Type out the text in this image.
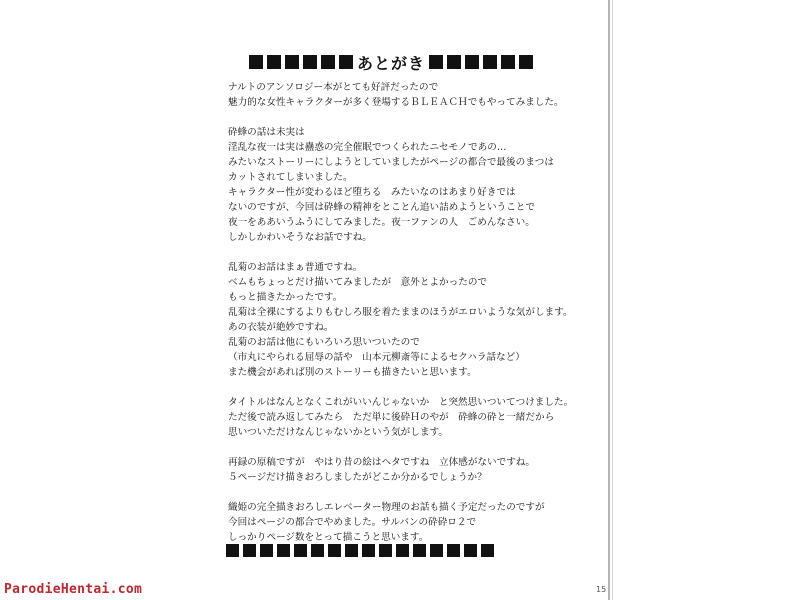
あとがき
ナルトのアンソロジー本がとても好評だったので
魅力的な女性キャラクターが多く登場するＢＬＥＡＣＨでもやってみました。
砕蜂の話は未実は
淫乱な夜一は実は蠱惑の完全催眠でつくられたニセモノであの…
みたいなストーリーにしようとしていましたがページの都合で最後のまつは
カットされてしまいました。
キャラクター性が変わるほど堕ちる　みたいなのはあまり好きでは
ないのですが、今回は砕蜂の精神をとことん追い詰めようということで
夜一をああいうふうにしてみました。夜一ファンの人　ごめんなさい。
しかしかわいそうなお話ですね。
乱菊のお話はまぁ普通ですね。
ベムもちょっとだけ描いてみましたが　意外とよかったので
もっと描きたかったです。
乱菊は全裸にするよりもむしろ服を着たままのほうがエロいような気がします。
あの衣装が絶妙ですね。
乱菊のお話は他にもいろいろ思いついたので
（市丸にやられる屈辱の話や　山本元柳斎等によるセクハラ話など）
また機会があれば別のストーリーも描きたいと思います。
タイトルはなんとなくこれがいいんじゃないか　と突然思いついてつけました。
ただ後で読み返してみたら　ただ単に後砕Ｈのやが　砕蜂の砕と一緒だから
思いついただけなんじゃないかという気がします。
再録の原稿ですが　やはり昔の絵はヘタですね　立体感がないですね。
５ページだけ描きおろしましたがどこか分かるでしょうか？
織姫の完全描きおろしエレベーター物理のお話も描く予定だったのですが
今回はページの都合でやめました。サルバンの砕砕ロ２で
しっかりページ数をとって描こうと思います。
15
ParodieHentai.com
